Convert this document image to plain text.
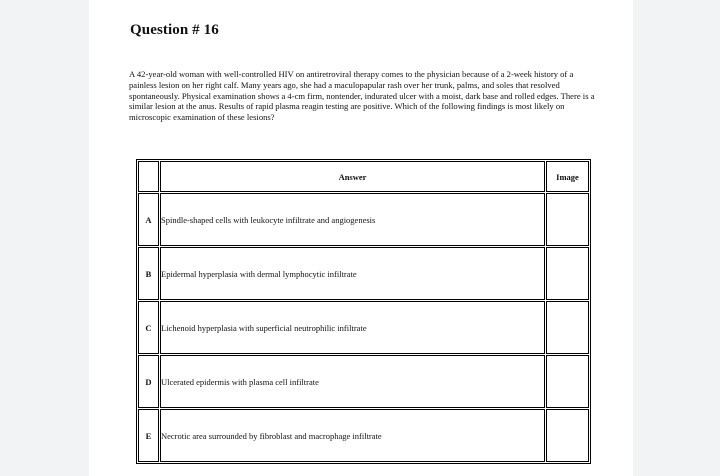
Question # 16
A 42-year-old woman with well-controlled HIV on antiretroviral therapy comes to the physician because of a 2-week history of a painless lesion on her right calf. Many years ago, she had a maculopapular rash over her trunk, palms, and soles that resolved spontaneously. Physical examination shows a 4-cm firm, nontender, indurated ulcer with a moist, dark base and rolled edges. There is a similar lesion at the anus. Results of rapid plasma reagin testing are positive. Which of the following findings is most likely on microscopic examination of these lesions?
	Answer	Image
A	Spindle-shaped cells with leukocyte infiltrate and angiogenesis	
B	Epidermal hyperplasia with dermal lymphocytic infiltrate	
C	Lichenoid hyperplasia with superficial neutrophilic infiltrate	
D	Ulcerated epidermis with plasma cell infiltrate	
E	Necrotic area surrounded by fibroblast and macrophage infiltrate	
